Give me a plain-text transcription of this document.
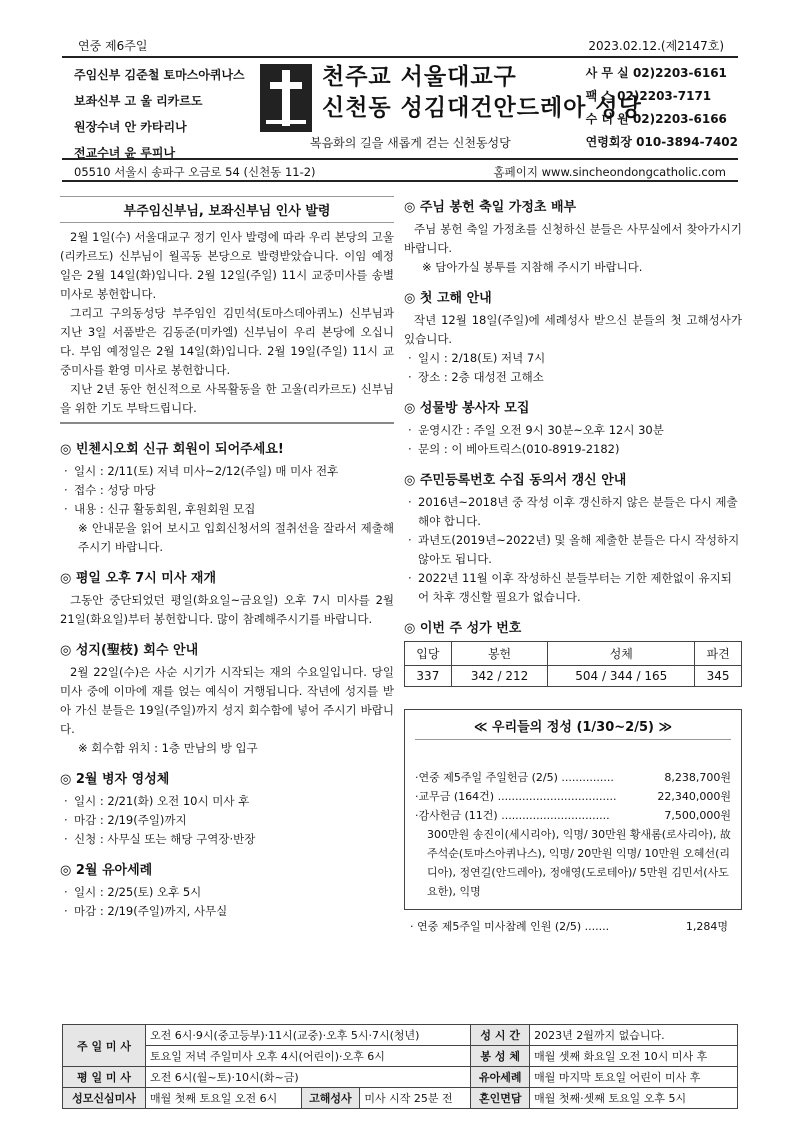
연중 제6주일	2023.02.12.(제2147호)
주임신부 김준철 토마스아퀴나스
보좌신부 고 울 리카르도
원장수녀 안 카타리나
전교수녀 윤 루피나
천주교 서울대교구
신천동 성김대건안드레아 성당
복음화의 길을 새롭게 걷는 신천동성당
사 무 실 02)2203-6161
팩 스 02)2203-7171
수 녀 원 02)2203-6166
연령회장 010-3894-7402
05510 서울시 송파구 오금로 54 (신천동 11-2)	홈페이지 www.sincheondongcatholic.com
부주임신부님, 보좌신부님 인사 발령

2월 1일(수) 서울대교구 정기 인사 발령에 따라 우리 본당의 고울(리카르도) 신부님이 월곡동 본당으로 발령받았습니다. 이임 예정일은 2월 14일(화)입니다. 2월 12일(주일) 11시 교중미사를 송별미사로 봉헌합니다.

그리고 구의동성당 부주임인 김민석(토마스데아퀴노) 신부님과 지난 3일 서품받은 김동준(미카엘) 신부님이 우리 본당에 오십니다. 부임 예정일은 2월 14일(화)입니다. 2월 19일(주일) 11시 교중미사를 환영 미사로 봉헌합니다.

지난 2년 동안 헌신적으로 사목활동을 한 고울(리카르도) 신부님을 위한 기도 부탁드립니다.

◎ 빈첸시오회 신규 회원이 되어주세요!
· 일시 : 2/11(토) 저녁 미사~2/12(주일) 매 미사 전후
· 접수 : 성당 마당
· 내용 : 신규 활동회원, 후원회원 모집

※ 안내문을 읽어 보시고 입회신청서의 절취선을 잘라서 제출해 주시기 바랍니다.

◎ 평일 오후 7시 미사 재개

그동안 중단되었던 평일(화요일~금요일) 오후 7시 미사를 2월 21일(화요일)부터 봉헌합니다. 많이 참례해주시기를 바랍니다.

◎ 성지(聖枝) 회수 안내

2월 22일(수)은 사순 시기가 시작되는 재의 수요일입니다. 당일 미사 중에 이마에 재를 얹는 예식이 거행됩니다. 작년에 성지를 받아 가신 분들은 19일(주일)까지 성지 회수함에 넣어 주시기 바랍니다.

※ 회수함 위치 : 1층 만남의 방 입구

◎ 2월 병자 영성체
· 일시 : 2/21(화) 오전 10시 미사 후
· 마감 : 2/19(주일)까지
· 신청 : 사무실 또는 해당 구역장·반장
◎ 2월 유아세례
· 일시 : 2/25(토) 오후 5시
· 마감 : 2/19(주일)까지, 사무실
◎ 주님 봉헌 축일 가정초 배부

주님 봉헌 축일 가정초를 신청하신 분들은 사무실에서 찾아가시기 바랍니다.

※ 담아가실 봉투를 지참해 주시기 바랍니다.

◎ 첫 고해 안내

작년 12월 18일(주일)에 세례성사 받으신 분들의 첫 고해성사가 있습니다.

· 일시 : 2/18(토) 저녁 7시
· 장소 : 2층 대성전 고해소
◎ 성물방 봉사자 모집
· 운영시간 : 주일 오전 9시 30분~오후 12시 30분
· 문의 : 이 베아트릭스(010-8919-2182)
◎ 주민등록번호 수집 동의서 갱신 안내
· 2016년~2018년 중 작성 이후 갱신하지 않은 분들은 다시 제출해야 합니다.
· 과년도(2019년~2022년) 및 올해 제출한 분들은 다시 작성하지 않아도 됩니다.
· 2022년 11월 이후 작성하신 분들부터는 기한 제한없이 유지되어 차후 갱신할 필요가 없습니다.
◎ 이번 주 성가 번호
입당	봉헌	성체	파견
337	342 / 212	504 / 344 / 165	345
≪ 우리들의 정성 (1/30~2/5) ≫
·연중 제5주일 주일헌금 (2/5) ...............	8,238,700원
·교무금 (164건) ..................................	22,340,000원
·감사헌금 (11건) ...............................	7,500,000원
300만원 송진이(세시리아), 익명/ 30만원 황새롬(로사리아), 故 주석순(토마스아퀴나스), 익명/ 20만원 익명/ 10만원 오혜선(리디아), 정연길(안드레아), 정애영(도로테아)/ 5만원 김민서(사도요한), 익명
· 연중 제5주일 미사참례 인원 (2/5) .......	1,284명
주 일 미 사	오전 6시·9시(중고등부)·11시(교중)·오후 5시·7시(청년)			성 시 간	2023년 2월까지 없습니다.
	토요일 저녁 주일미사 오후 4시(어린이)·오후 6시			봉 성 체	매월 셋째 화요일 오전 10시 미사 후
평 일 미 사	오전 6시(월~토)·10시(화~금)			유아세례	매월 마지막 토요일 어린이 미사 후
성모신심미사	매월 첫째 토요일 오전 6시	고해성사	미사 시작 25분 전	혼인면담	매월 첫째·셋째 토요일 오후 5시
